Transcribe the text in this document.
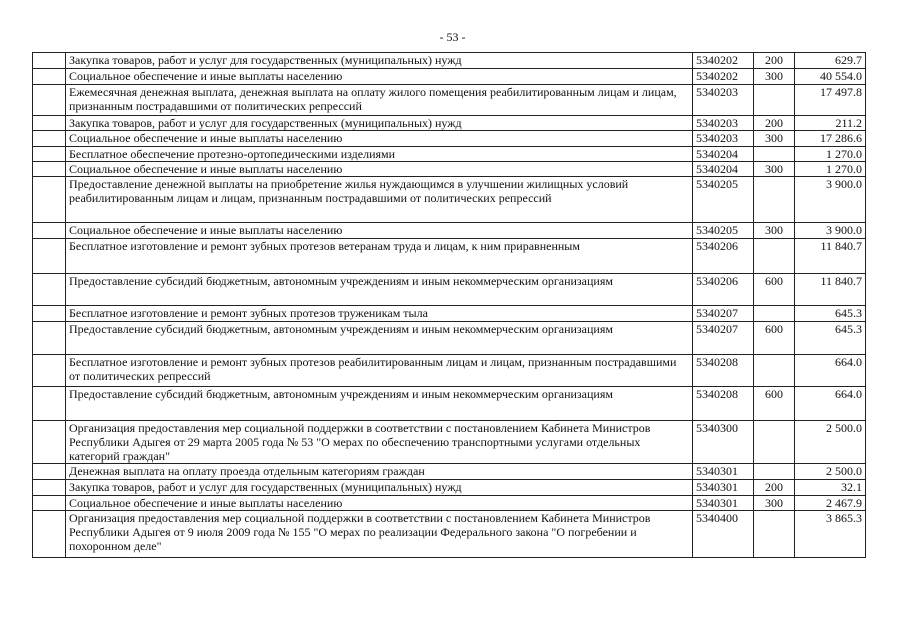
- 53 -
	Закупка товаров, работ и услуг для государственных (муниципальных) нужд	5340202	200	629.7
	Социальное обеспечение и иные выплаты населению	5340202	300	40 554.0
	Ежемесячная денежная выплата, денежная выплата на оплату жилого помещения реабилитированным лицам и лицам, признанным пострадавшими от политических репрессий	5340203		17 497.8
	Закупка товаров, работ и услуг для государственных (муниципальных) нужд	5340203	200	211.2
	Социальное обеспечение и иные выплаты населению	5340203	300	17 286.6
	Бесплатное обеспечение протезно-ортопедическими изделиями	5340204		1 270.0
	Социальное обеспечение и иные выплаты населению	5340204	300	1 270.0
	Предоставление денежной выплаты на приобретение жилья нуждающимся в улучшении жилищных условий реабилитированным лицам и лицам, признанным пострадавшими от политических репрессий	5340205		3 900.0
	Социальное обеспечение и иные выплаты населению	5340205	300	3 900.0
	Бесплатное изготовление и ремонт зубных протезов ветеранам труда и лицам, к ним приравненным	5340206		11 840.7
	Предоставление субсидий бюджетным, автономным учреждениям и иным некоммерческим организациям	5340206	600	11 840.7
	Бесплатное изготовление и ремонт зубных протезов труженикам тыла	5340207		645.3
	Предоставление субсидий бюджетным, автономным учреждениям и иным некоммерческим организациям	5340207	600	645.3
	Бесплатное изготовление и ремонт зубных протезов реабилитированным лицам и лицам, признанным пострадавшими от политических репрессий	5340208		664.0
	Предоставление субсидий бюджетным, автономным учреждениям и иным некоммерческим организациям	5340208	600	664.0
	Организация предоставления мер социальной поддержки в соответствии с постановлением Кабинета Министров Республики Адыгея от 29 марта 2005 года № 53 "О мерах по обеспечению транспортными услугами отдельных категорий граждан"	5340300		2 500.0
	Денежная выплата на оплату проезда отдельным категориям граждан	5340301		2 500.0
	Закупка товаров, работ и услуг для государственных (муниципальных) нужд	5340301	200	32.1
	Социальное обеспечение и иные выплаты населению	5340301	300	2 467.9
	Организация предоставления мер социальной поддержки в соответствии с постановлением Кабинета Министров Республики Адыгея от 9 июля 2009 года № 155 "О мерах по реализации Федерального закона "О погребении и похоронном деле"	5340400		3 865.3
